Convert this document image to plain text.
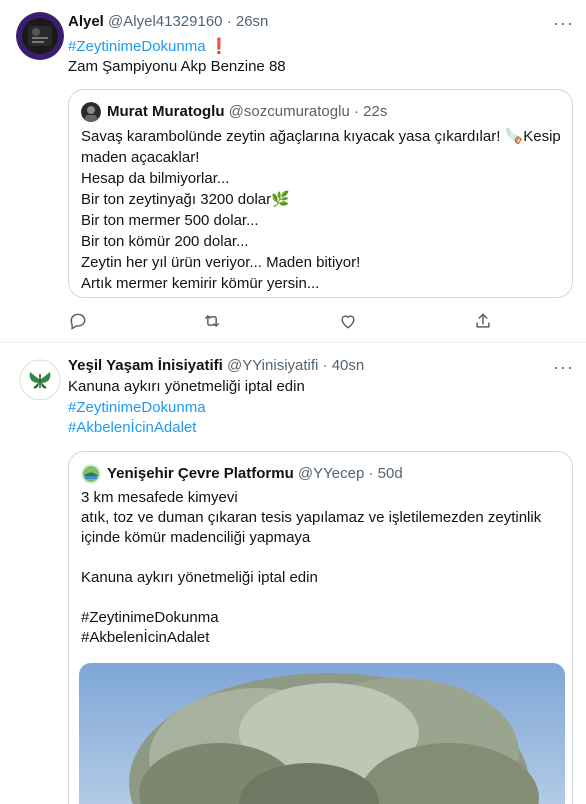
Alyel @Alyel41329160 · 26sn	···
#ZeytinimeDokunma ❗
Zam Şampiyonu Akp Benzine 88
Murat Muratoglu @sozcumuratoglu · 22s
Savaş karambolünde zeytin ağaçlarına kıyacak yasa çıkardılar! 🪚Kesip
maden açacaklar!
Hesap da bilmiyorlar...
Bir ton zeytinyağı 3200 dolar🌿
Bir ton mermer 500 dolar...
Bir ton kömür 200 dolar...
Zeytin her yıl ürün veriyor... Maden bitiyor!
Artık mermer kemirir kömür yersin...
Yeşil Yaşam İnisiyatifi @YYinisiyatifi · 40sn	···
Kanuna aykırı yönetmeliği iptal edin
#ZeytinimeDokunma
#AkbelenİcinAdalet
Yenişehir Çevre Platformu @YYecep · 50d
3 km mesafede kimyevi
atık, toz ve duman çıkaran tesis yapılamaz ve işletilemezden zeytinlik
içinde kömür madenciliği yapmaya
Kanuna aykırı yönetmeliği iptal edin
#ZeytinimeDokunma
#AkbelenİcinAdalet
